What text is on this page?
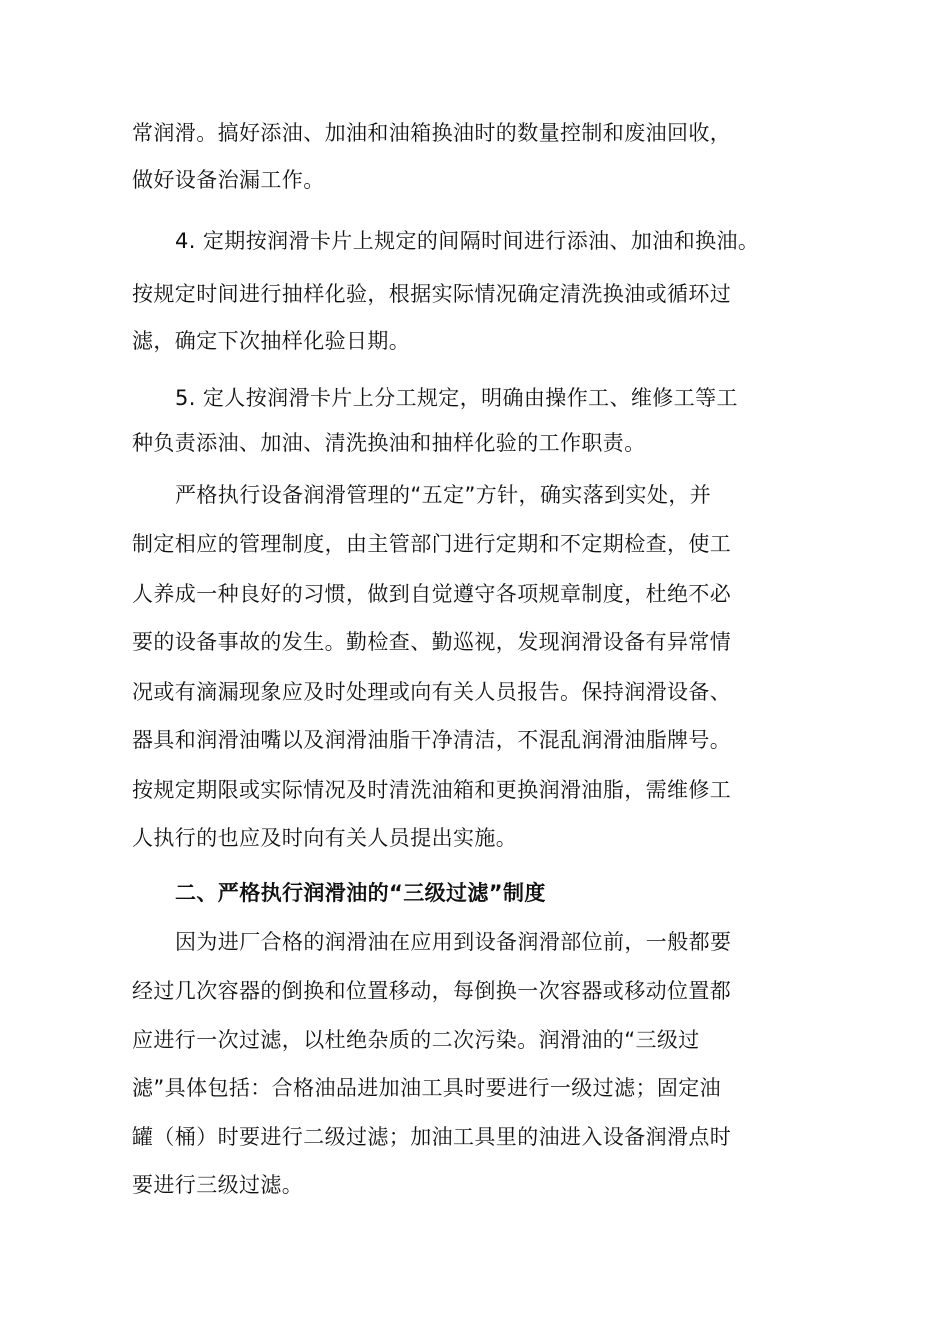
常润滑。搞好添油、加油和油箱换油时的数量控制和废油回收，
做好设备治漏工作。
4. 定期按润滑卡片上规定的间隔时间进行添油、加油和换油。
按规定时间进行抽样化验，根据实际情况确定清洗换油或循环过
滤，确定下次抽样化验日期。
5. 定人按润滑卡片上分工规定，明确由操作工、维修工等工
种负责添油、加油、清洗换油和抽样化验的工作职责。
严格执行设备润滑管理的“五定”方针，确实落到实处，并
制定相应的管理制度，由主管部门进行定期和不定期检查，使工
人养成一种良好的习惯，做到自觉遵守各项规章制度，杜绝不必
要的设备事故的发生。勤检查、勤巡视，发现润滑设备有异常情
况或有滴漏现象应及时处理或向有关人员报告。保持润滑设备、
器具和润滑油嘴以及润滑油脂干净清洁，不混乱润滑油脂牌号。
按规定期限或实际情况及时清洗油箱和更换润滑油脂，需维修工
人执行的也应及时向有关人员提出实施。
二、严格执行润滑油的“三级过滤”制度
因为进厂合格的润滑油在应用到设备润滑部位前，一般都要
经过几次容器的倒换和位置移动，每倒换一次容器或移动位置都
应进行一次过滤，以杜绝杂质的二次污染。润滑油的“三级过
滤”具体包括：合格油品进加油工具时要进行一级过滤；固定油
罐（桶）时要进行二级过滤；加油工具里的油进入设备润滑点时
要进行三级过滤。
